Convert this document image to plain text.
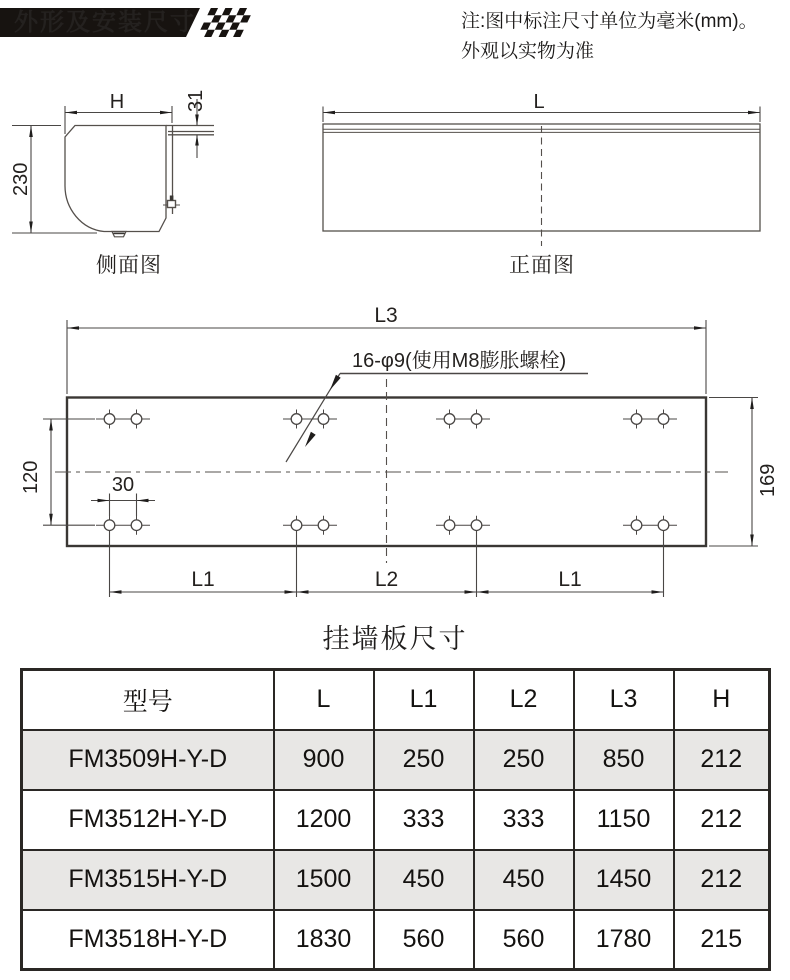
H	31
230
侧面图
L
正面图
L3
16-φ9(使用M8膨胀螺栓)
120	30	169
L1	L2	L1
外形及安装尺寸	注:图中标注尺寸单位为毫米(mm)。
外观以实物为准
挂墙板尺寸
型号	L	L1	L2	L3	H
FM3509H-Y-D	900	250	250	850	212
FM3512H-Y-D	1200	333	333	1150	212
FM3515H-Y-D	1500	450	450	1450	212
FM3518H-Y-D	1830	560	560	1780	215
